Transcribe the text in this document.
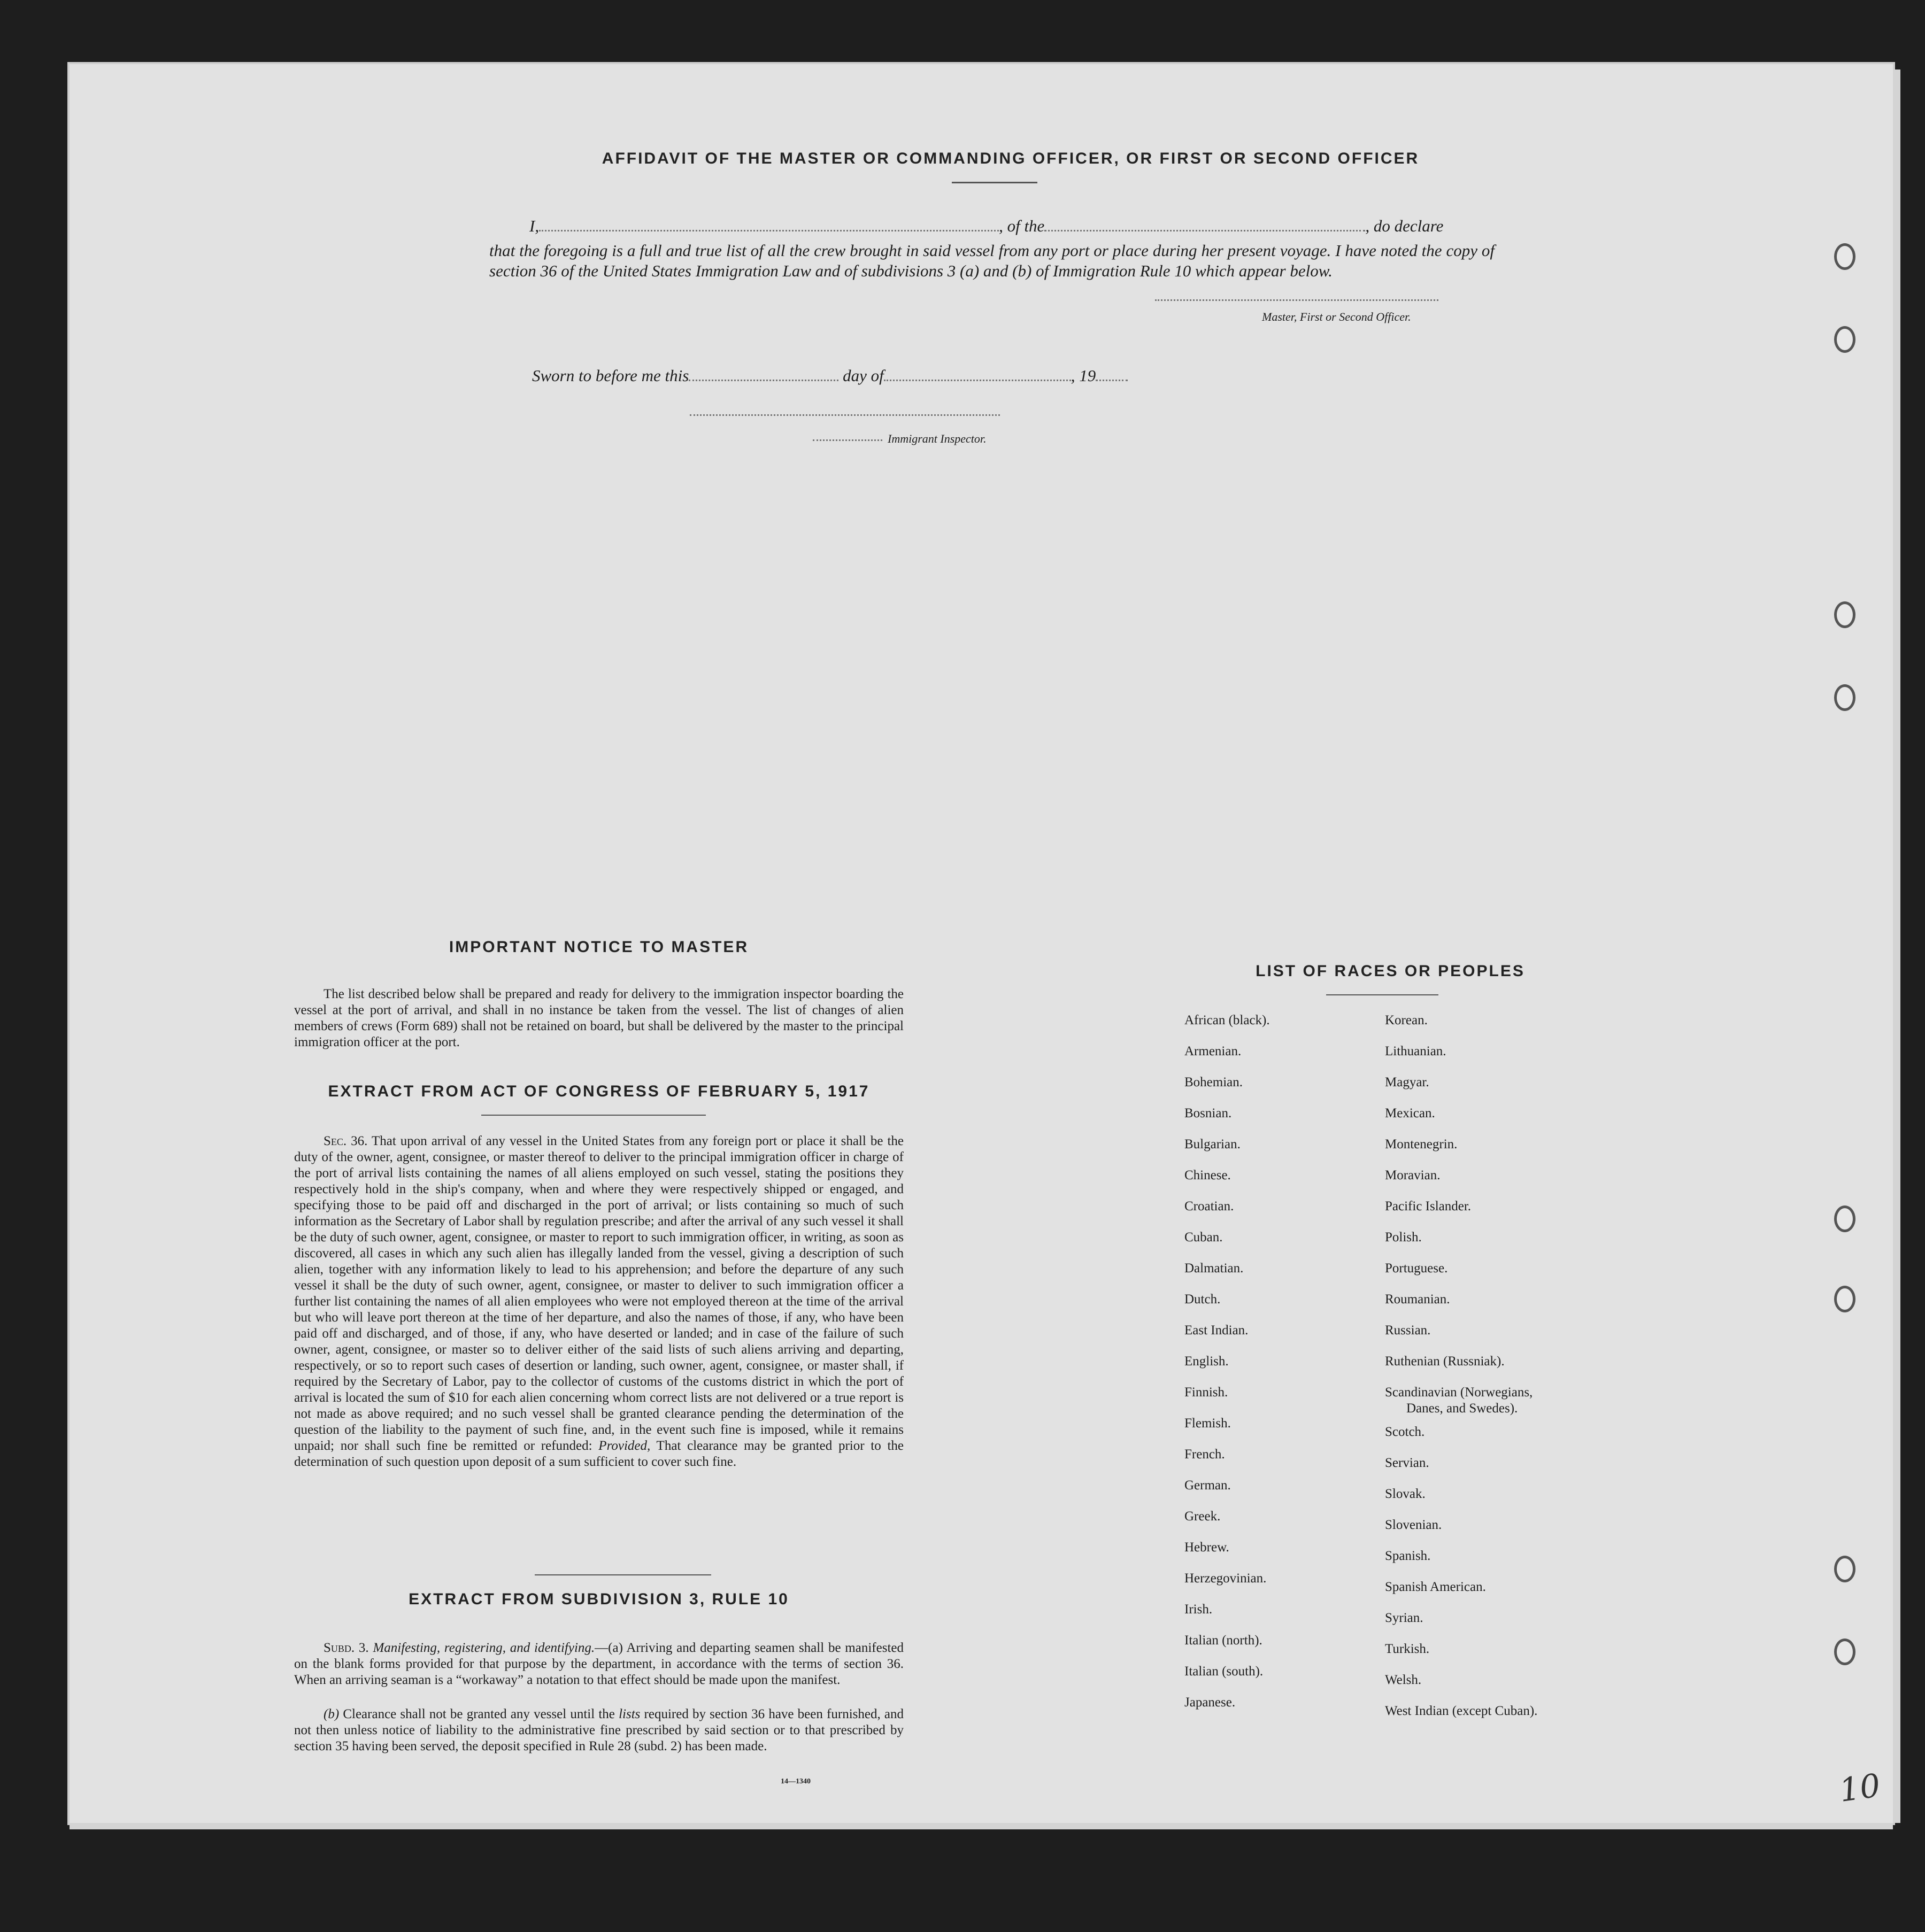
AFFIDAVIT OF THE MASTER OR COMMANDING OFFICER, OR FIRST OR SECOND OFFICER
I,	, of the	, do declare
that the foregoing is a full and true list of all the crew brought in said vessel from any port or place during her present voyage. I have noted the copy of section 36 of the United States Immigration Law and of subdivisions 3 (a) and (b) of Immigration Rule 10 which appear below.
Master, First or Second Officer.
Sworn to before me this	day of	, 19
Immigrant Inspector.
IMPORTANT NOTICE TO MASTER
The list described below shall be prepared and ready for delivery to the immigration inspector boarding the vessel at the port of arrival, and shall in no instance be taken from the vessel. The list of changes of alien members of crews (Form 689) shall not be retained on board, but shall be delivered by the master to the principal immigration officer at the port.
EXTRACT FROM ACT OF CONGRESS OF FEBRUARY 5, 1917
Sec. 36. That upon arrival of any vessel in the United States from any foreign port or place it shall be the duty of the owner, agent, consignee, or master thereof to deliver to the principal immigration officer in charge of the port of arrival lists containing the names of all aliens employed on such vessel, stating the positions they respectively hold in the ship's company, when and where they were respectively shipped or engaged, and specifying those to be paid off and discharged in the port of arrival; or lists containing so much of such information as the Secretary of Labor shall by regulation prescribe; and after the arrival of any such vessel it shall be the duty of such owner, agent, consignee, or master to report to such immigration officer, in writing, as soon as discovered, all cases in which any such alien has illegally landed from the vessel, giving a description of such alien, together with any information likely to lead to his apprehension; and before the departure of any such vessel it shall be the duty of such owner, agent, consignee, or master to deliver to such immigration officer a further list containing the names of all alien employees who were not employed thereon at the time of the arrival but who will leave port thereon at the time of her departure, and also the names of those, if any, who have been paid off and discharged, and of those, if any, who have deserted or landed; and in case of the failure of such owner, agent, consignee, or master so to deliver either of the said lists of such aliens arriving and departing, respectively, or so to report such cases of desertion or landing, such owner, agent, consignee, or master shall, if required by the Secretary of Labor, pay to the collector of customs of the customs district in which the port of arrival is located the sum of $10 for each alien concerning whom correct lists are not delivered or a true report is not made as above required; and no such vessel shall be granted clearance pending the determination of the question of the liability to the payment of such fine, and, in the event such fine is imposed, while it remains unpaid; nor shall such fine be remitted or refunded: Provided, That clearance may be granted prior to the determination of such question upon deposit of a sum sufficient to cover such fine.
EXTRACT FROM SUBDIVISION 3, RULE 10
Subd. 3. Manifesting, registering, and identifying.—(a) Arriving and departing seamen shall be manifested on the blank forms provided for that purpose by the department, in accordance with the terms of section 36. When an arriving seaman is a “workaway” a notation to that effect should be made upon the manifest.
(b) Clearance shall not be granted any vessel until the lists required by section 36 have been furnished, and not then unless notice of liability to the administrative fine prescribed by said section or to that prescribed by section 35 having been served, the deposit specified in Rule 28 (subd. 2) has been made.
14—1340
LIST OF RACES OR PEOPLES
African (black).
Armenian.
Bohemian.
Bosnian.
Bulgarian.
Chinese.
Croatian.
Cuban.
Dalmatian.
Dutch.
East Indian.
English.
Finnish.
Flemish.
French.
German.
Greek.
Hebrew.
Herzegovinian.
Irish.
Italian (north).
Italian (south).
Japanese.
Korean.
Lithuanian.
Magyar.
Mexican.
Montenegrin.
Moravian.
Pacific Islander.
Polish.
Portuguese.
Roumanian.
Russian.
Ruthenian (Russniak).
Scandinavian (Norwegians,
Danes, and Swedes).
Scotch.
Servian.
Slovak.
Slovenian.
Spanish.
Spanish American.
Syrian.
Turkish.
Welsh.
West Indian (except Cuban).
10
